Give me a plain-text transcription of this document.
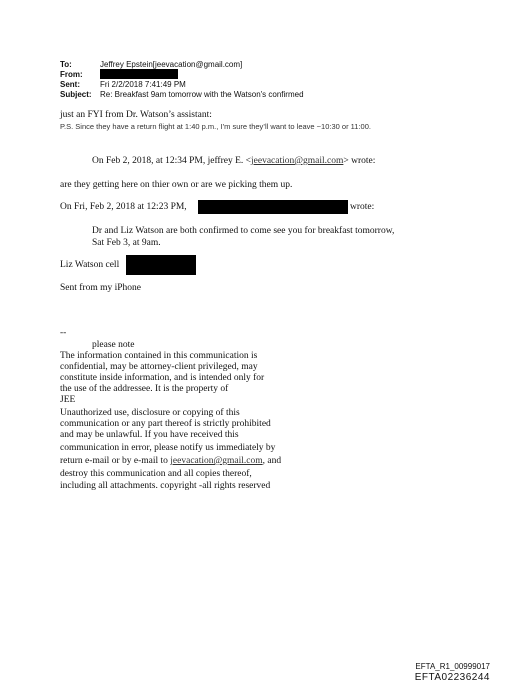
To:	Jeffrey Epstein[jeevacation@gmail.com]
From:
Sent:	Fri 2/2/2018 7:41:49 PM
Subject: Re: Breakfast 9am tomorrow with the Watson's confirmed
just an FYI from Dr. Watson’s assistant:
P.S. Since they have a return flight at 1:40 p.m., I’m sure they’ll want to leave ~10:30 or 11:00.
On Feb 2, 2018, at 12:34 PM, jeffrey E. <jeevacation@gmail.com> wrote:
are they getting here on thier own or are we picking them up.
On Fri, Feb 2, 2018 at 12:23 PM,	wrote:
Dr and Liz Watson are both confirmed to come see you for breakfast tomorrow,
Sat Feb 3, at 9am.
Liz Watson cell
Sent from my iPhone
--
please note
The information contained in this communication is
confidential, may be attorney-client privileged, may
constitute inside information, and is intended only for
the use of the addressee. It is the property of
JEE
Unauthorized use, disclosure or copying of this
communication or any part thereof is strictly prohibited
and may be unlawful. If you have received this
communication in error, please notify us immediately by
return e-mail or by e-mail to jeevacation@gmail.com, and
destroy this communication and all copies thereof,
including all attachments. copyright -all rights reserved
EFTA_R1_00999017
EFTA02236244
